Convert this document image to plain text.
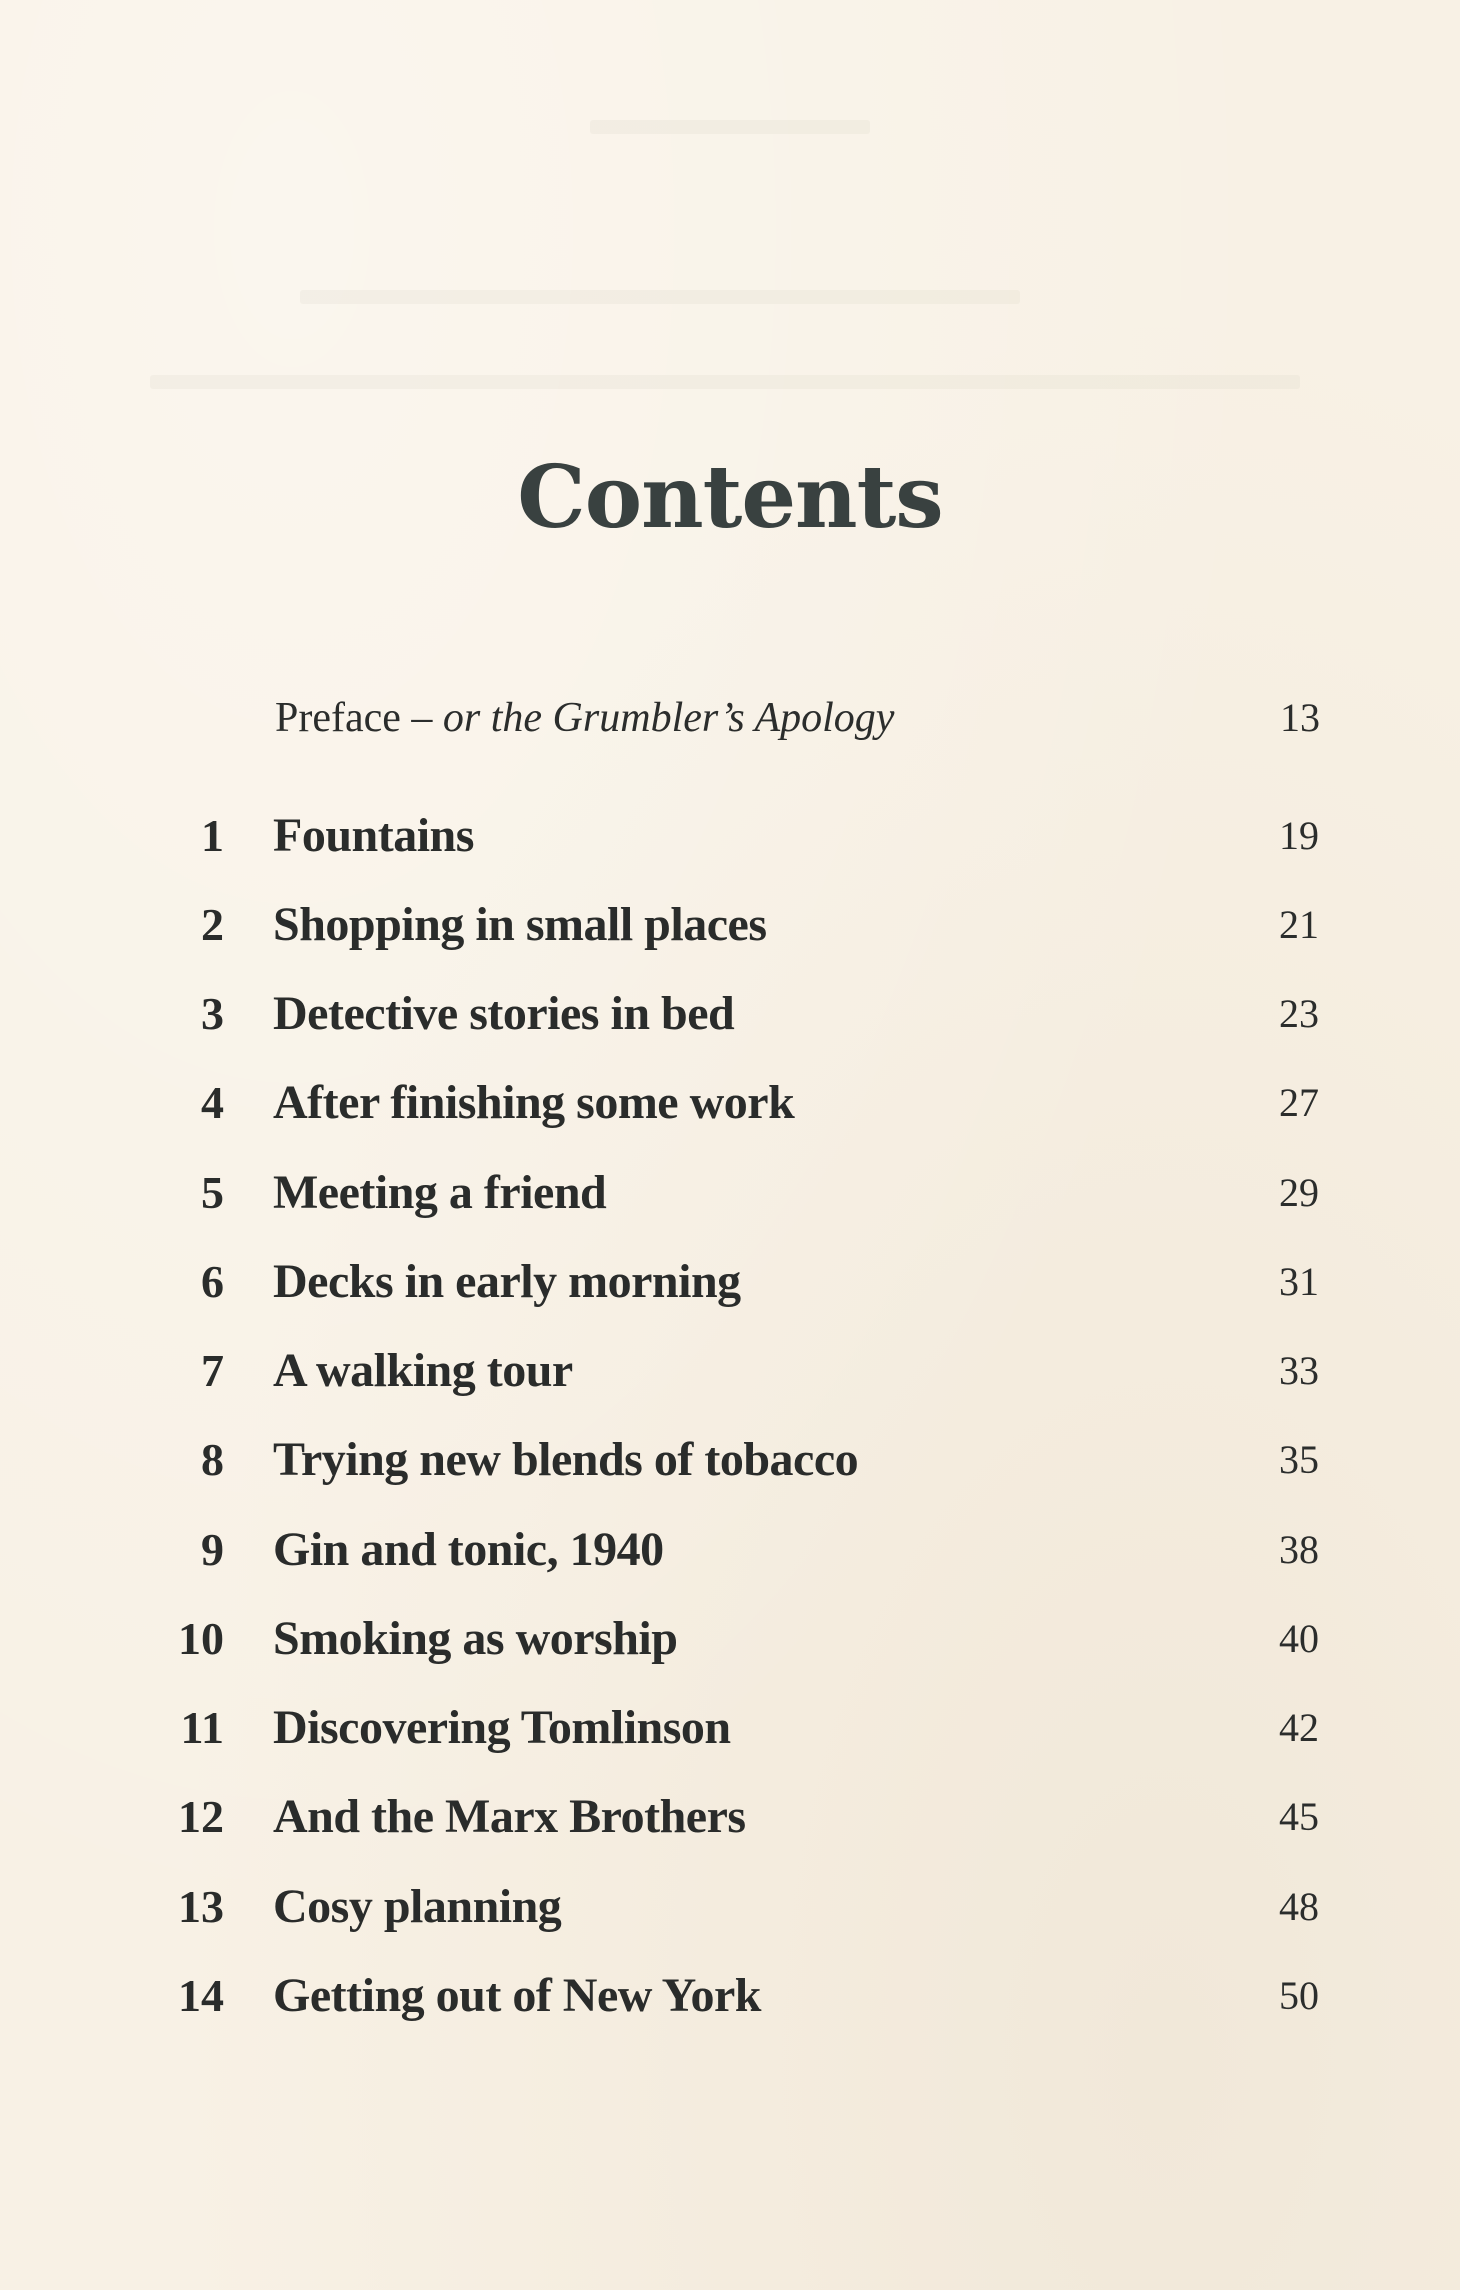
Contents
Preface – or the Grumbler’s Apology	13
1 Fountains	19
2 Shopping in small places	21
3 Detective stories in bed	23
4 After finishing some work	27
5 Meeting a friend	29
6 Decks in early morning	31
7 A walking tour	33
8 Trying new blends of tobacco	35
9 Gin and tonic, 1940	38
10 Smoking as worship	40
11 Discovering Tomlinson	42
12 And the Marx Brothers	45
13 Cosy planning	48
14 Getting out of New York	50
